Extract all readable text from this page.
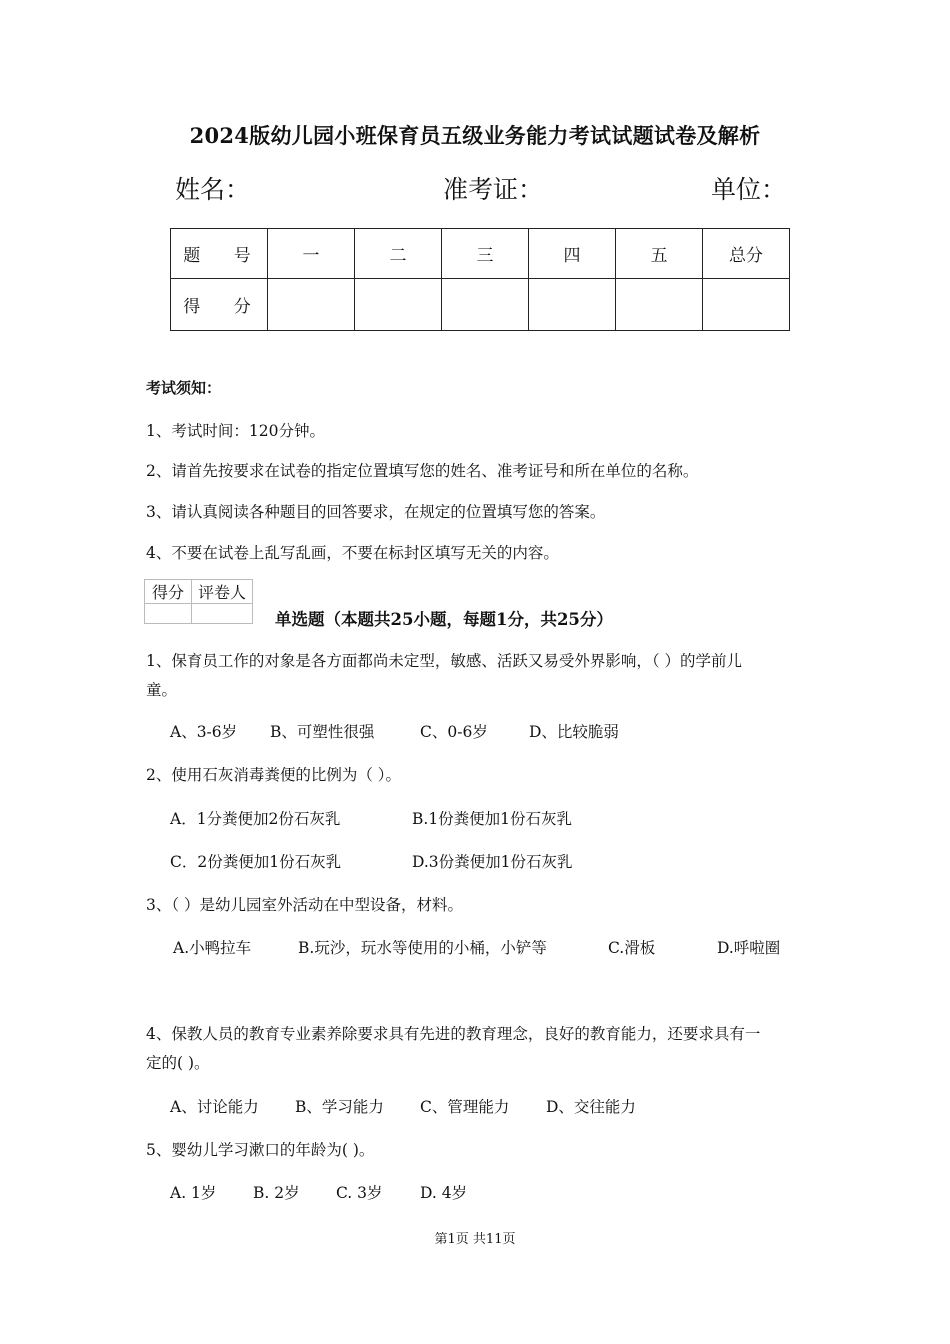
2024版幼儿园小班保育员五级业务能力考试试题试卷及解析
姓名：	准考证：	单位：
题 号	一	二	三	四	五	总分
得 分						
考试须知：
1、考试时间：120分钟。
2、请首先按要求在试卷的指定位置填写您的姓名、准考证号和所在单位的名称。
3、请认真阅读各种题目的回答要求，在规定的位置填写您的答案。
4、不要在试卷上乱写乱画，不要在标封区填写无关的内容。
得分	评卷人

单选题（本题共25小题，每题1分，共25分）
1、保育员工作的对象是各方面都尚未定型，敏感、活跃又易受外界影响，（ ）的学前儿
童。
A、3-6岁 B、可塑性很强	C、0-6岁	D、比较脆弱
2、使用石灰消毒粪便的比例为（ ）。
A．1分粪便加2份石灰乳	B.1份粪便加1份石灰乳
C．2份粪便加1份石灰乳	D.3份粪便加1份石灰乳
3、（ ）是幼儿园室外活动在中型设备，材料。
A.小鸭拉车	B.玩沙，玩水等使用的小桶，小铲等	C.滑板	D.呼啦圈
4、保教人员的教育专业素养除要求具有先进的教育理念，良好的教育能力，还要求具有一
定的( )。
A、讨论能力 B、学习能力 C、管理能力 D、交往能力
5、婴幼儿学习漱口的年龄为( )。
A. 1岁 B. 2岁 C. 3岁 D. 4岁
第1页 共11页
